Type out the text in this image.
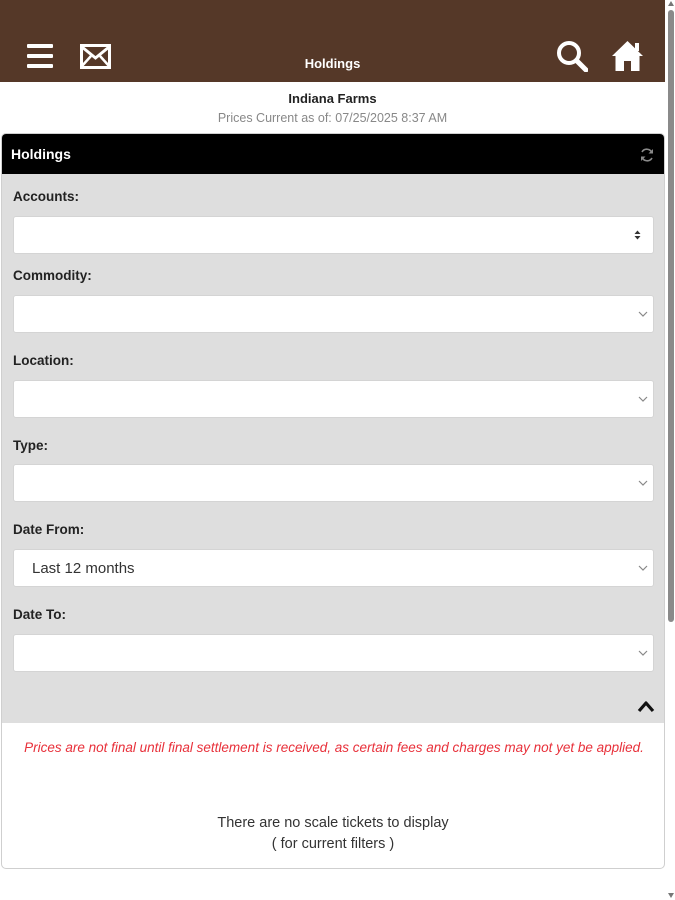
Holdings
Indiana Farms
Prices Current as of: 07/25/2025 8:37 AM
Holdings
Accounts:
Commodity:
Location:
Type:
Date From:
Last 12 months
Date To:
Prices are not final until final settlement is received, as certain fees and charges may not yet be applied.
There are no scale tickets to display
( for current filters )
